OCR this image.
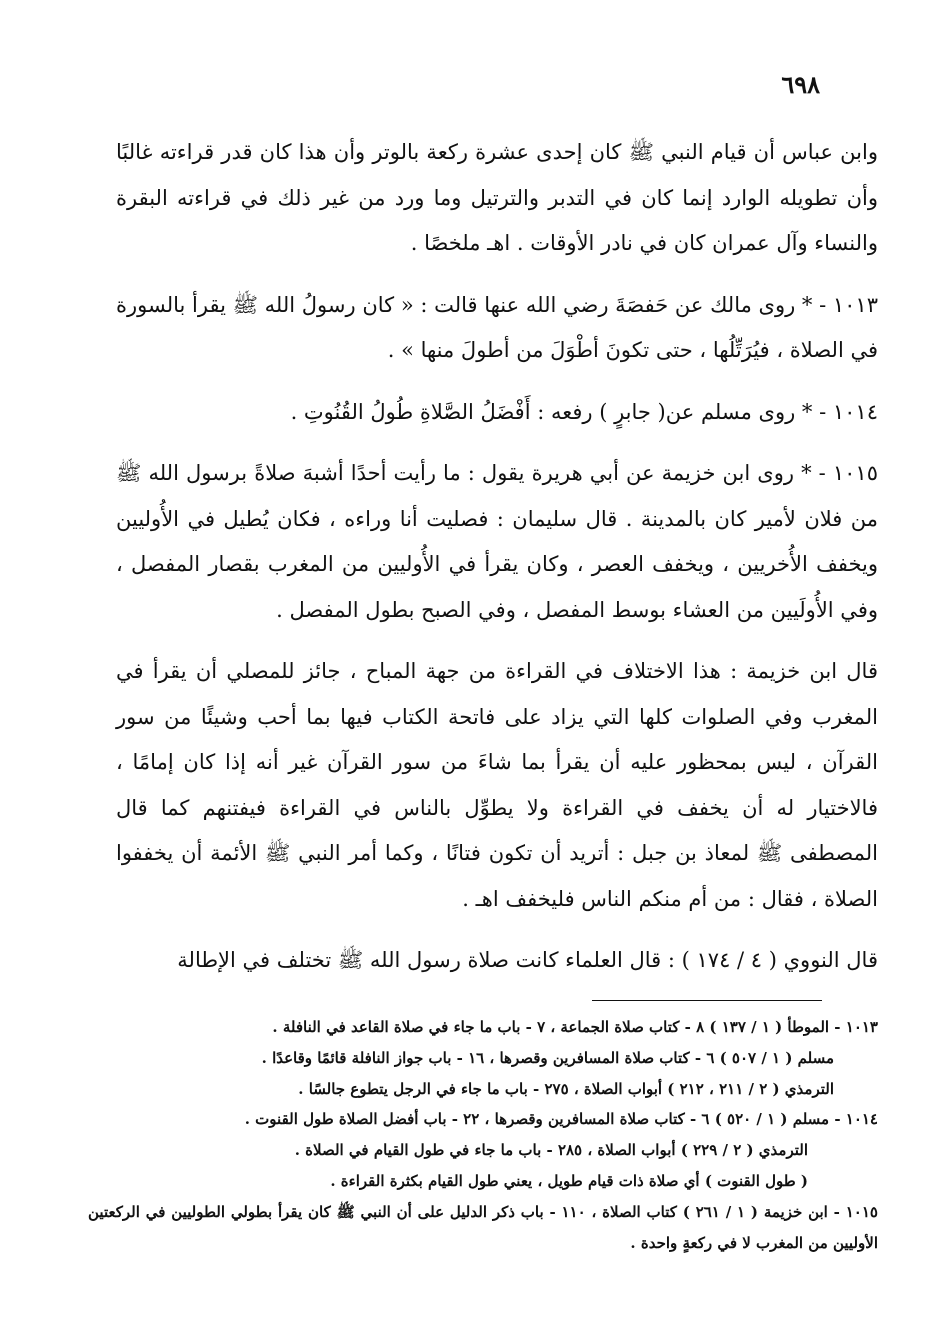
٦٩٨

وابن عباس أن قيام النبي ﷺ كان إحدى عشرة ركعة بالوتر وأن هذا كان قدر قراءته غالبًا وأن تطويله الوارد إنما كان في التدبر والترتيل وما ورد من غير ذلك في قراءته البقرة والنساء وآل عمران كان في نادر الأوقات . اهـ ملخصًا .

١٠١٣ - * روى مالك عن حَفصَةَ رضي الله عنها قالت : « كان رسولُ الله ﷺ يقرأ بالسورة في الصلاة ، فيُرَتِّلُها ، حتى تكونَ أطْوَلَ من أطولَ منها » .

١٠١٤ - * روى مسلم عن( جابرٍ ) رفعه : أَفْضَلُ الصَّلاةِ طُولُ القُنُوتِ .

١٠١٥ - * روى ابن خزيمة عن أبي هريرة يقول : ما رأيت أحدًا أشبهَ صلاةً برسول الله ﷺ من فلان لأمير كان بالمدينة . قال سليمان : فصليت أنا وراءه ، فكان يُطيل في الأُوليين ويخفف الأُخريين ، ويخفف العصر ، وكان يقرأ في الأُوليين من المغرب بقصار المفصل ، وفي الأُولَيين من العشاء بوسط المفصل ، وفي الصبح بطول المفصل .

قال ابن خزيمة : هذا الاختلاف في القراءة من جهة المباح ، جائز للمصلي أن يقرأ في المغرب وفي الصلوات كلها التي يزاد على فاتحة الكتاب فيها بما أحب وشيئًا من سور القرآن ، ليس بمحظور عليه أن يقرأ بما شاءَ من سور القرآن غير أنه إذا كان إمامًا ، فالاختيار له أن يخفف في القراءة ولا يطوِّل بالناس في القراءة فيفتنهم كما قال المصطفى ﷺ لمعاذ بن جبل : أتريد أن تكون فتانًا ، وكما أمر النبي ﷺ الأئمة أن يخففوا الصلاة ، فقال : من أم منكم الناس فليخفف اهـ .

قال النووي ( ٤ / ١٧٤ ) : قال العلماء كانت صلاة رسول الله ﷺ تختلف في الإطالة

١٠١٣ - الموطأ ( ١ / ١٣٧ ) ٨ - كتاب صلاة الجماعة ، ٧ - باب ما جاء في صلاة القاعد في النافلة .

مسلم ( ١ / ٥٠٧ ) ٦ - كتاب صلاة المسافرين وقصرها ، ١٦ - باب جواز النافلة قائمًا وقاعدًا .

الترمذي ( ٢ / ٢١١ ، ٢١٢ ) أبواب الصلاة ، ٢٧٥ - باب ما جاء في الرجل يتطوع جالسًا .

١٠١٤ - مسلم ( ١ / ٥٢٠ ) ٦ - كتاب صلاة المسافرين وقصرها ، ٢٢ - باب أفضل الصلاة طول القنوت .

الترمذي ( ٢ / ٢٢٩ ) أبواب الصلاة ، ٢٨٥ - باب ما جاء في طول القيام في الصلاة .

( طول القنوت ) أي صلاة ذات قيام طويل ، يعني طول القيام بكثرة القراءة .

١٠١٥ - ابن خزيمة ( ١ / ٢٦١ ) كتاب الصلاة ، ١١٠ - باب ذكر الدليل على أن النبي ﷺ كان يقرأ بطولي الطوليين في الركعتين الأوليين من المغرب لا في ركعةٍ واحدة .
